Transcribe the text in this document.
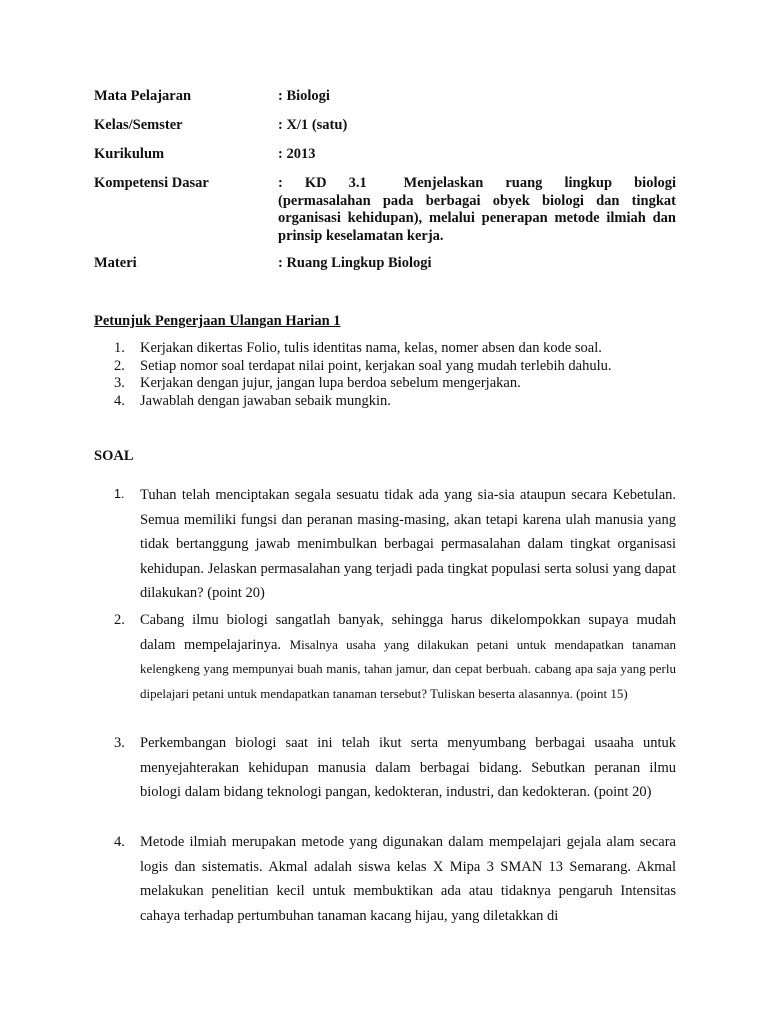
Mata Pelajaran	: Biologi
Kelas/Semster	: X/1 (satu)
Kurikulum	: 2013
Kompetensi Dasar	:   KD   3.1     Menjelaskan   ruang   lingkup   biologi
(permasalahan pada berbagai obyek biologi dan tingkat organisasi kehidupan), melalui penerapan metode ilmiah dan prinsip keselamatan kerja.
Materi	: Ruang Lingkup Biologi
Petunjuk Pengerjaan Ulangan Harian 1
1.	Kerjakan dikertas Folio, tulis identitas nama, kelas, nomer absen dan kode soal.
2.	Setiap nomor soal terdapat nilai point, kerjakan soal yang mudah terlebih dahulu.
3.	Kerjakan dengan jujur, jangan lupa berdoa sebelum mengerjakan.
4.	Jawablah dengan jawaban sebaik mungkin.
SOAL
1. Tuhan telah menciptakan segala sesuatu tidak ada yang sia-sia ataupun secara Kebetulan. Semua memiliki fungsi dan peranan masing-masing, akan tetapi karena ulah manusia yang tidak bertanggung jawab menimbulkan berbagai permasalahan dalam tingkat organisasi kehidupan. Jelaskan permasalahan yang terjadi pada tingkat populasi serta solusi yang dapat dilakukan? (point 20)
2. Cabang ilmu biologi sangatlah banyak, sehingga harus dikelompokkan supaya mudah dalam mempelajarinya. Misalnya usaha yang dilakukan petani untuk mendapatkan tanaman kelengkeng yang mempunyai buah manis, tahan jamur, dan cepat berbuah. cabang apa saja yang perlu dipelajari petani untuk mendapatkan tanaman tersebut? Tuliskan beserta alasannya. (point 15)
3. Perkembangan biologi saat ini telah ikut serta menyumbang berbagai usaaha untuk menyejahterakan kehidupan manusia dalam berbagai bidang. Sebutkan peranan ilmu biologi dalam bidang teknologi pangan, kedokteran, industri, dan kedokteran. (point 20)
4. Metode ilmiah merupakan metode yang digunakan dalam mempelajari gejala alam secara logis dan sistematis. Akmal adalah siswa kelas X Mipa 3 SMAN 13 Semarang. Akmal melakukan penelitian kecil untuk membuktikan ada atau tidaknya pengaruh Intensitas cahaya terhadap pertumbuhan tanaman kacang hijau, yang diletakkan di
